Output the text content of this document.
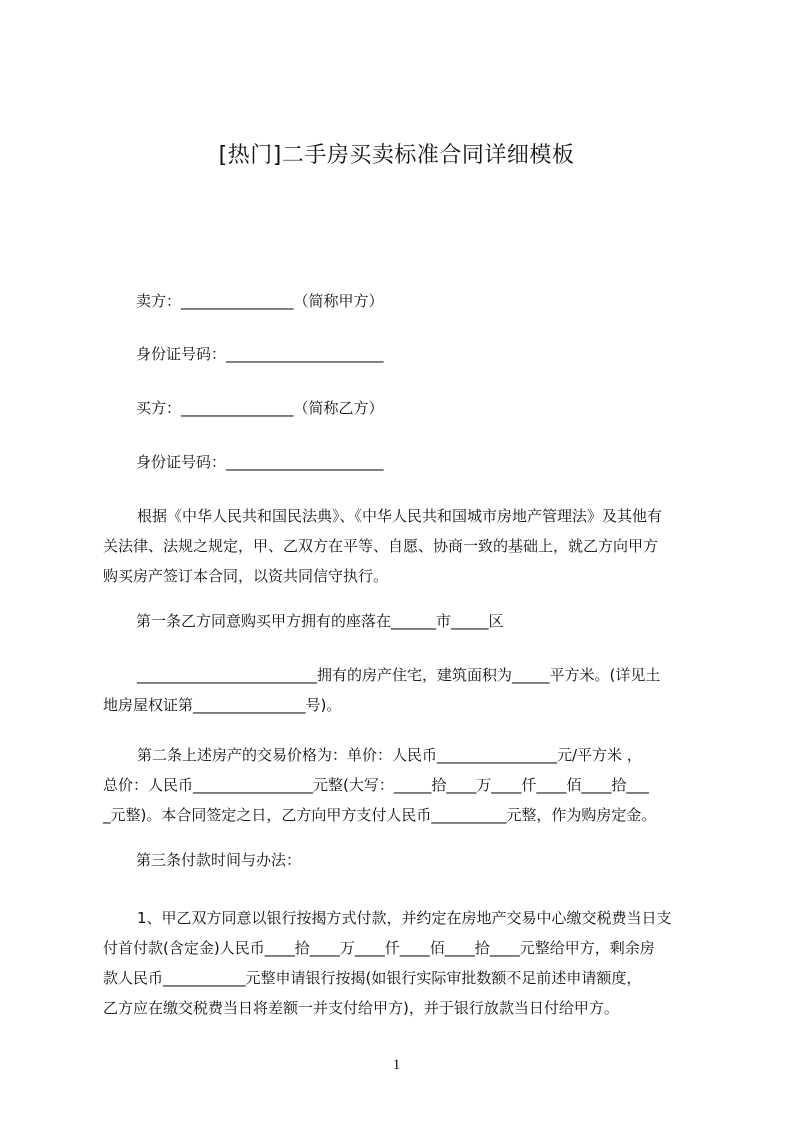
[热门]二手房买卖标准合同详细模板
卖方：_______________（简称甲方）
身份证号码：_____________________
买方：_______________（简称乙方）
身份证号码：_____________________
根据《中华人民共和国民法典》、《中华人民共和国城市房地产管理法》及其他有
关法律、法规之规定，甲、乙双方在平等、自愿、协商一致的基础上，就乙方向甲方
购买房产签订本合同，以资共同信守执行。
第一条乙方同意购买甲方拥有的座落在______市_____区
________________________拥有的房产住宅，建筑面积为_____平方米。(详见土
地房屋权证第_______________号)。
第二条上述房产的交易价格为：单价：人民币________________元/平方米 ，
总价：人民币________________元整(大写：_____拾____万____仟____佰____拾___
_元整)。本合同签定之日，乙方向甲方支付人民币__________元整，作为购房定金。
第三条付款时间与办法：
1、甲乙双方同意以银行按揭方式付款，并约定在房地产交易中心缴交税费当日支
付首付款(含定金)人民币____拾____万____仟____佰____拾____元整给甲方，剩余房
款人民币___________元整申请银行按揭(如银行实际审批数额不足前述申请额度，
乙方应在缴交税费当日将差额一并支付给甲方)，并于银行放款当日付给甲方。
1
